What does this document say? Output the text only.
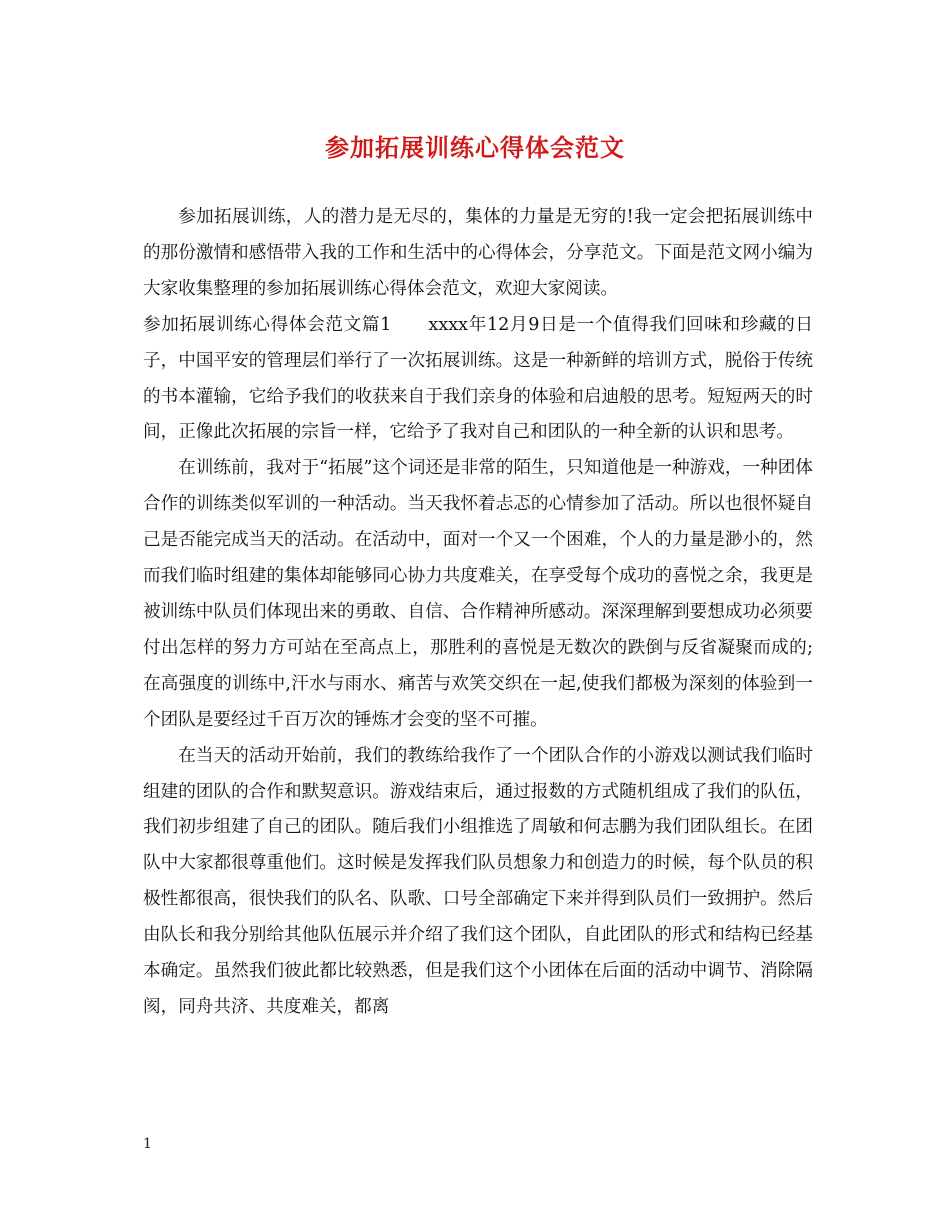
参加拓展训练心得体会范文

参加拓展训练，人的潜力是无尽的，集体的力量是无穷的!我一定会把拓展训练中的那份激情和感悟带入我的工作和生活中的心得体会，分享范文。下面是范文网小编为大家收集整理的参加拓展训练心得体会范文，欢迎大家阅读。

参加拓展训练心得体会范文篇1　　xxxx年12月9日是一个值得我们回味和珍藏的日子，中国平安的管理层们举行了一次拓展训练。这是一种新鲜的培训方式，脱俗于传统的书本灌输，它给予我们的收获来自于我们亲身的体验和启迪般的思考。短短两天的时间，正像此次拓展的宗旨一样，它给予了我对自己和团队的一种全新的认识和思考。

在训练前，我对于“拓展”这个词还是非常的陌生，只知道他是一种游戏，一种团体合作的训练类似军训的一种活动。当天我怀着忐忑的心情参加了活动。所以也很怀疑自己是否能完成当天的活动。在活动中，面对一个又一个困难，个人的力量是渺小的，然而我们临时组建的集体却能够同心协力共度难关，在享受每个成功的喜悦之余，我更是被训练中队员们体现出来的勇敢、自信、合作精神所感动。深深理解到要想成功必须要付出怎样的努力方可站在至高点上，那胜利的喜悦是无数次的跌倒与反省凝聚而成的;在高强度的训练中,汗水与雨水、痛苦与欢笑交织在一起,使我们都极为深刻的体验到一个团队是要经过千百万次的锤炼才会变的坚不可摧。

在当天的活动开始前，我们的教练给我作了一个团队合作的小游戏以测试我们临时组建的团队的合作和默契意识。游戏结束后，通过报数的方式随机组成了我们的队伍，我们初步组建了自己的团队。随后我们小组推选了周敏和何志鹏为我们团队组长。在团队中大家都很尊重他们。这时候是发挥我们队员想象力和创造力的时候，每个队员的积极性都很高，很快我们的队名、队歌、口号全部确定下来并得到队员们一致拥护。然后由队长和我分别给其他队伍展示并介绍了我们这个团队，自此团队的形式和结构已经基本确定。虽然我们彼此都比较熟悉，但是我们这个小团体在后面的活动中调节、消除隔阂，同舟共济、共度难关，都离

1
